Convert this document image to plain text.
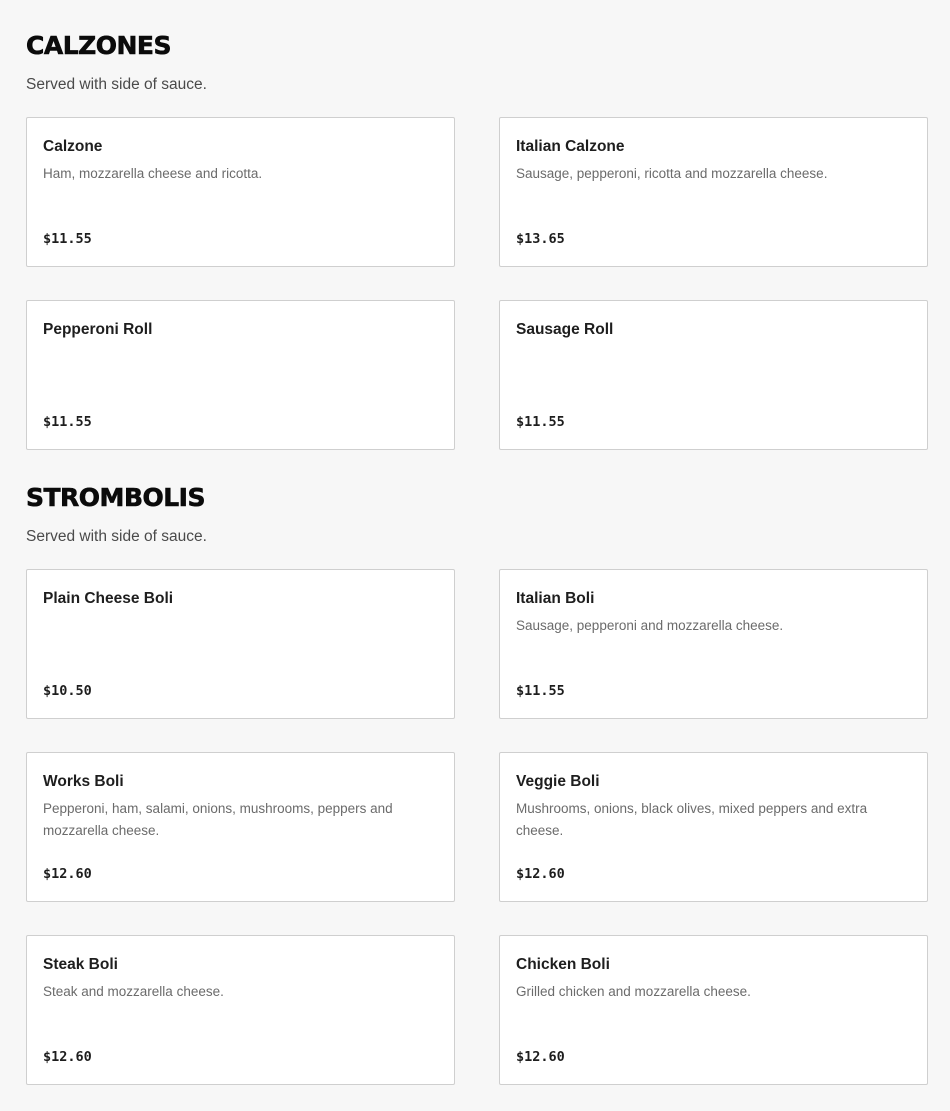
CALZONES

Served with side of sauce.

Calzone
Ham, mozzarella cheese and ricotta.
$11.55
Italian Calzone
Sausage, pepperoni, ricotta and mozzarella cheese.
$13.65
Pepperoni Roll
$11.55
Sausage Roll
$11.55
STROMBOLIS

Served with side of sauce.

Plain Cheese Boli
$10.50
Italian Boli
Sausage, pepperoni and mozzarella cheese.
$11.55
Works Boli
Pepperoni, ham, salami, onions, mushrooms, peppers and mozzarella cheese.
$12.60
Veggie Boli
Mushrooms, onions, black olives, mixed peppers and extra cheese.
$12.60
Steak Boli
Steak and mozzarella cheese.
$12.60
Chicken Boli
Grilled chicken and mozzarella cheese.
$12.60
